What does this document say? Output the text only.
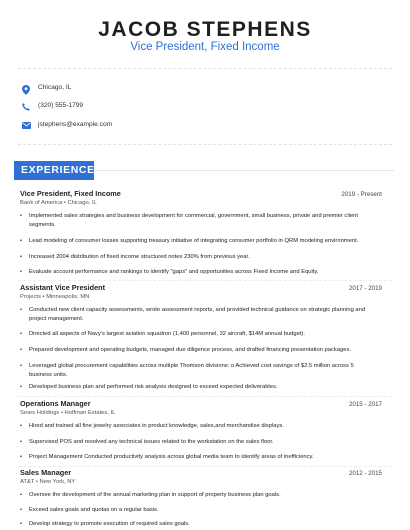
JACOB STEPHENS
Vice President, Fixed Income
Chicago, IL
(320) 555-1799
jstephens@example.com
EXPERIENCE
Vice President, Fixed Income	2019 - Present
Bank of America • Chicago, IL
•	Implemented sales strategies and business development for commercial, government, small business, private and premier client segments.
•	Lead modeling of consumer losses supporting treasury initiative of integrating consumer portfolio in QRM modeling environment.
•	Increased 2004 distribution of fixed income structured notes 230% from previous year.
•	Evaluate account performance and rankings to identify "gaps" and opportunities across Fixed Income and Equity.
Assistant Vice President	2017 - 2019
Projects • Minneapolis, MN
•	Conducted new client capacity assessments, wrote assessment reports, and provided technical guidance on strategic planning and project management.
•	Directed all aspects of Navy's largest aviation squadron (1,400 personnel, 32 aircraft, $14M annual budget).
•	Prepared development and operating budgets, managed due diligence process, and drafted financing presentation packages.
•	Leveraged global procurement capabilities across multiple Thomson divisions: o Achieved cost savings of $2.5 million across 5 business units.
•	Developed business plan and performed risk analysis designed to exceed expected deliverables.
Operations Manager	2015 - 2017
Sears Holdings • Hoffman Estates, IL
•	Hired and trained all fine jewelry associates in product knowledge, sales,and merchandise displays.
•	Supervised POS and resolved any technical issues related to the workstation on the sales floor.
•	Project Management Conducted productivity analysis across global media team to identify areas of inefficiency.
Sales Manager	2012 - 2015
AT&T • New York, NY
•	Oversee the development of the annual marketing plan in support of property business plan goals.
•	Exceed sales goals and quotas on a regular basis.
•	Develop strategy to promote execution of required sales goals.
